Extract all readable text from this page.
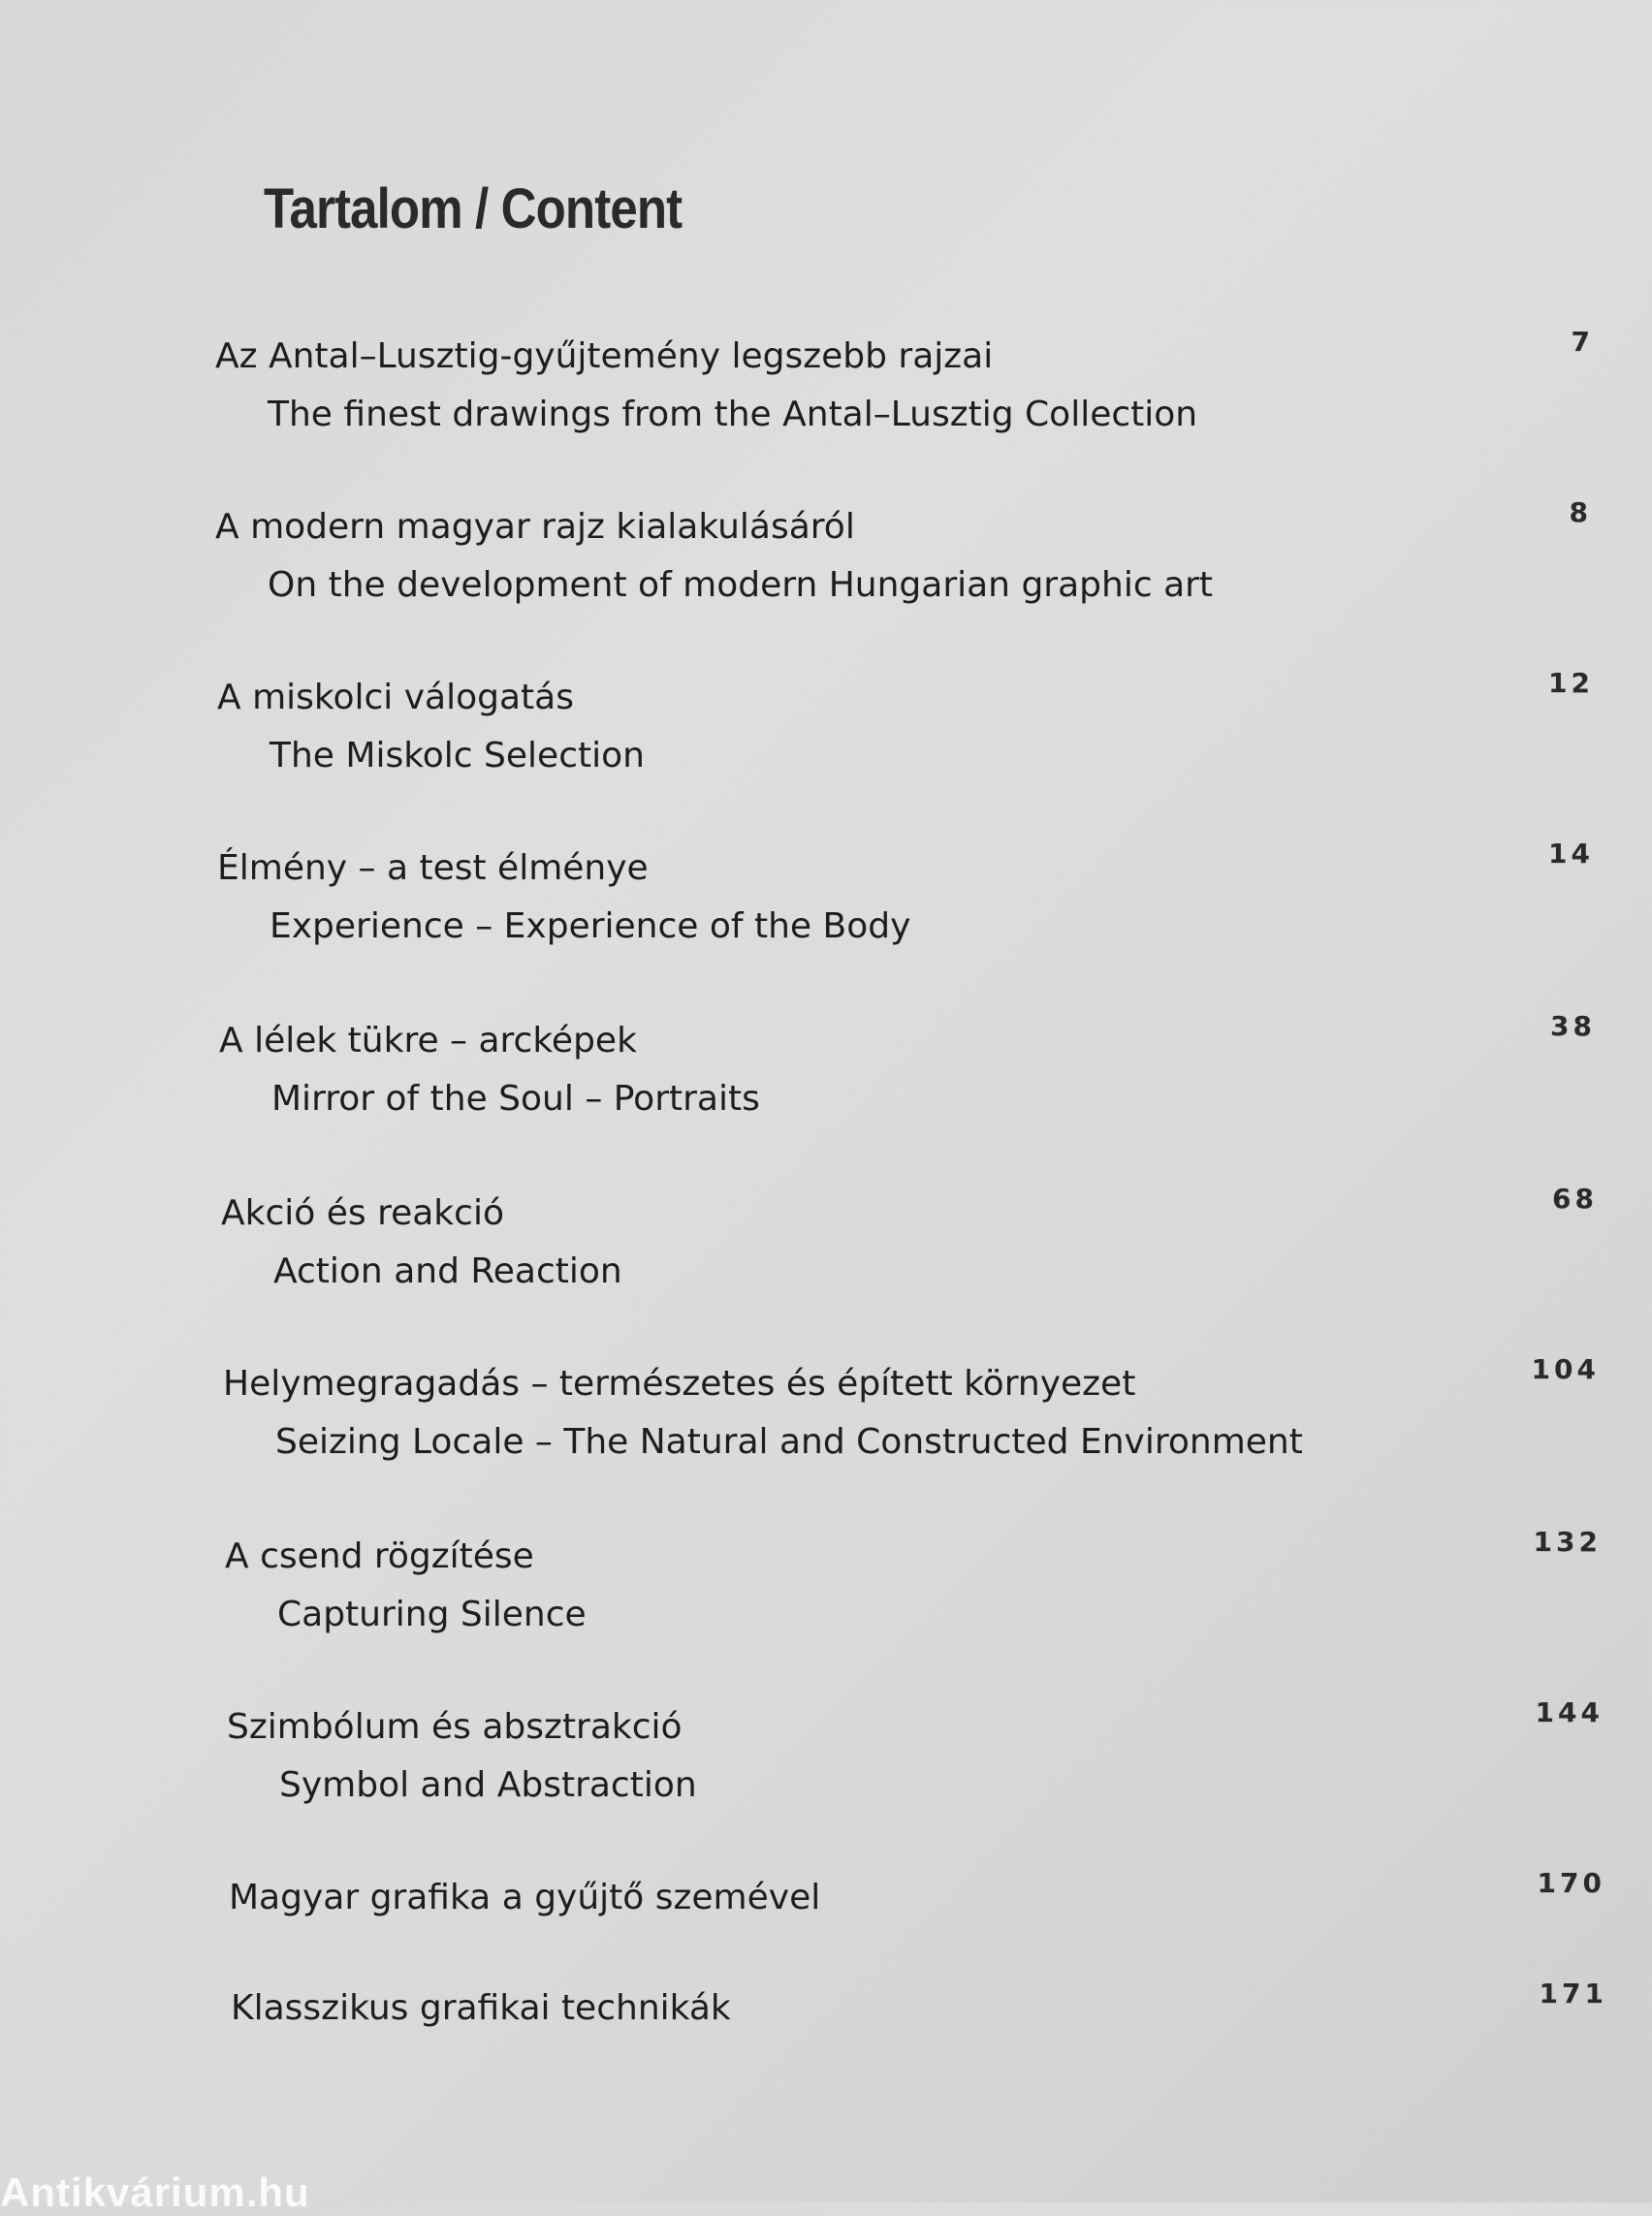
Tartalom / Content
Az Antal–Lusztig-gyűjtemény legszebb rajzai
The finest drawings from the Antal–Lusztig Collection
7
A modern magyar rajz kialakulásáról
On the development of modern Hungarian graphic art
8
A miskolci válogatás
The Miskolc Selection
12
Élmény – a test élménye
Experience – Experience of the Body
14
A lélek tükre – arcképek
Mirror of the Soul – Portraits
38
Akció és reakció
Action and Reaction
68
Helymegragadás – természetes és épített környezet
Seizing Locale – The Natural and Constructed Environment
104
A csend rögzítése
Capturing Silence
132
Szimbólum és absztrakció
Symbol and Abstraction
144
Magyar grafika a gyűjtő szemével	170
Klasszikus grafikai technikák	171
Antikvárium.hu
